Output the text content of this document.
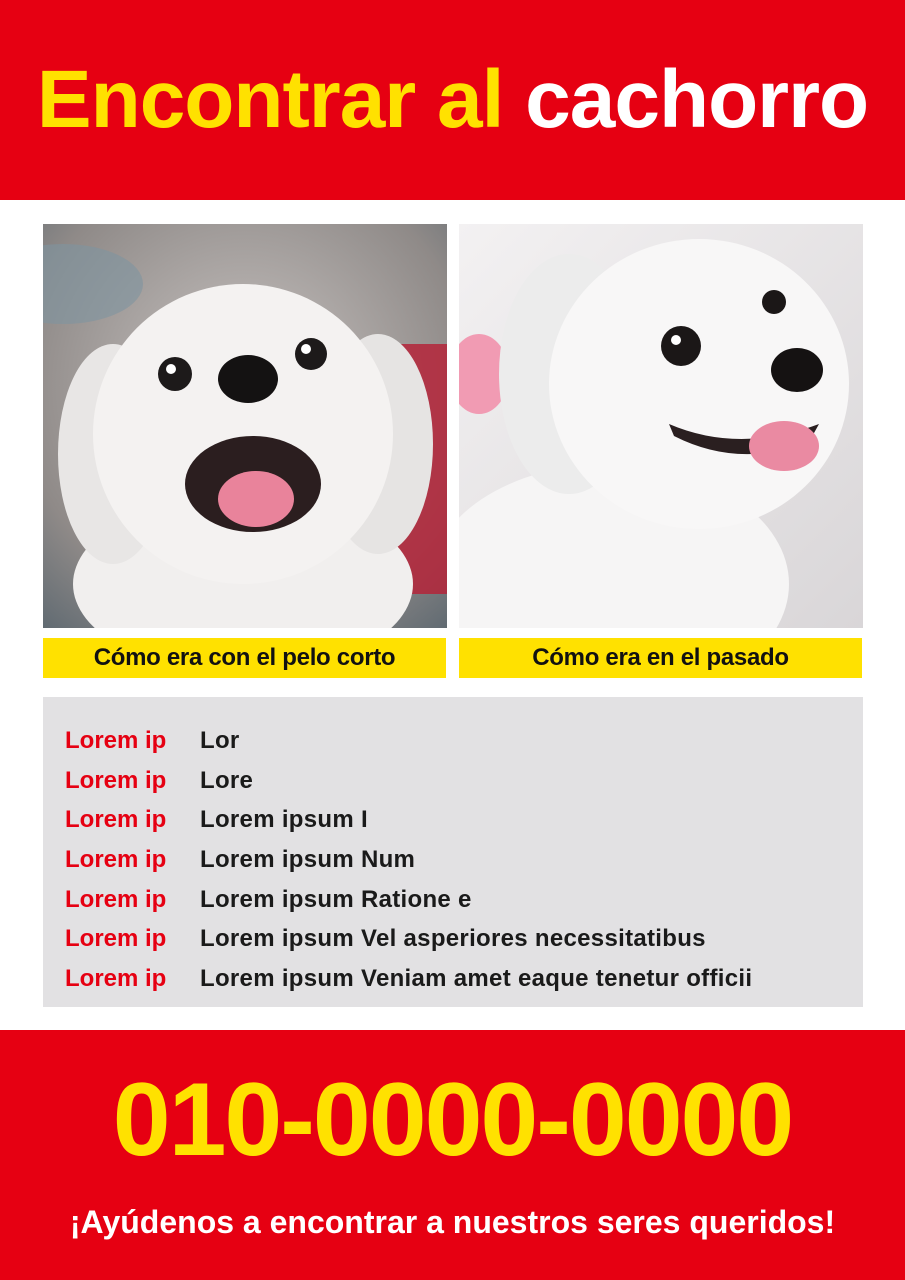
Encontrar al cachorro
Cómo era con el pelo corto	Cómo era en el pasado
Lorem ip	Lor
Lorem ip	Lore
Lorem ip	Lorem ipsum I
Lorem ip	Lorem ipsum Num
Lorem ip	Lorem ipsum Ratione e
Lorem ip	Lorem ipsum Vel asperiores necessitatibus
Lorem ip	Lorem ipsum Veniam amet eaque tenetur officii
010-0000-0000
¡Ayúdenos a encontrar a nuestros seres queridos!
